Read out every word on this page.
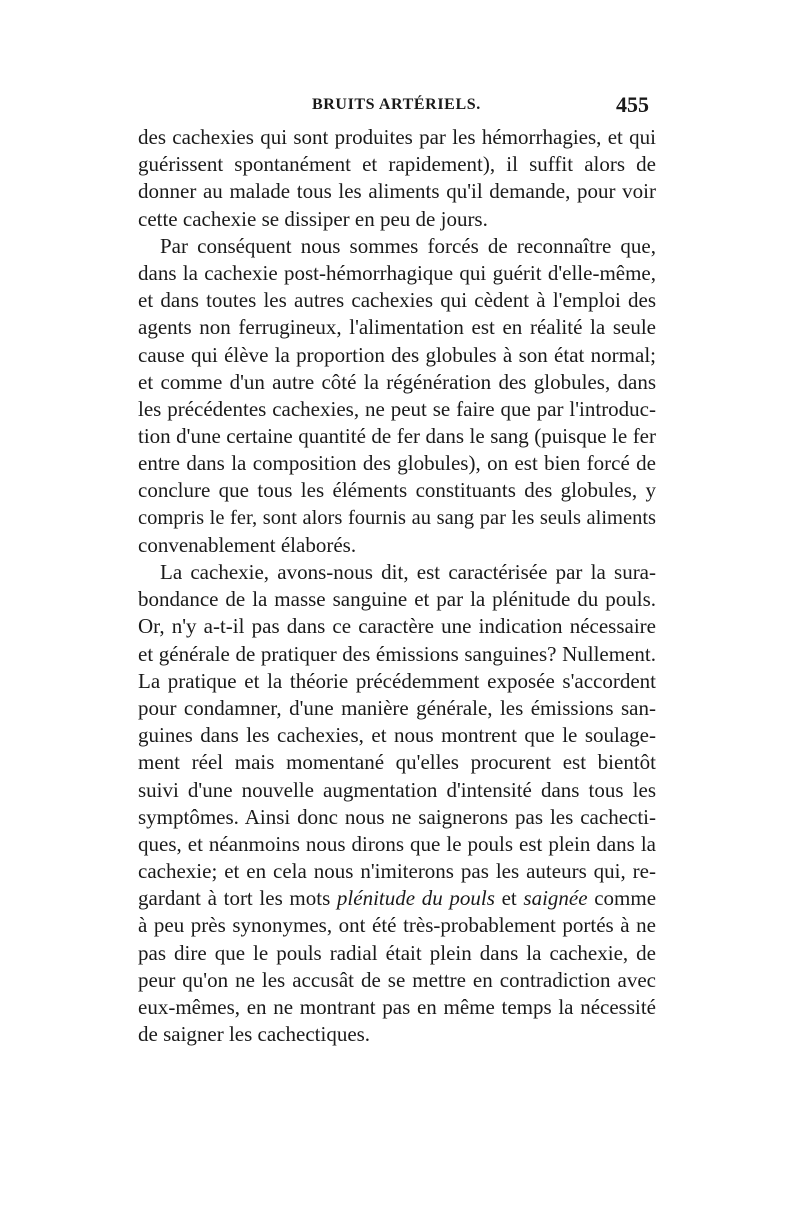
BRUITS ARTÉRIELS.	455
des cachexies qui sont produites par les hémorrhagies, et qui
guérissent spontanément et rapidement), il suffit alors de
donner au malade tous les aliments qu'il demande, pour voir
cette cachexie se dissiper en peu de jours.
Par conséquent nous sommes forcés de reconnaître que,
dans la cachexie post-hémorrhagique qui guérit d'elle-même,
et dans toutes les autres cachexies qui cèdent à l'emploi des
agents non ferrugineux, l'alimentation est en réalité la seule
cause qui élève la proportion des globules à son état normal;
et comme d'un autre côté la régénération des globules, dans
les précédentes cachexies, ne peut se faire que par l'introduc-
tion d'une certaine quantité de fer dans le sang (puisque le fer
entre dans la composition des globules), on est bien forcé de
conclure que tous les éléments constituants des globules, y
compris le fer, sont alors fournis au sang par les seuls aliments
convenablement élaborés.
La cachexie, avons-nous dit, est caractérisée par la sura-
bondance de la masse sanguine et par la plénitude du pouls.
Or, n'y a-t-il pas dans ce caractère une indication nécessaire
et générale de pratiquer des émissions sanguines? Nullement.
La pratique et la théorie précédemment exposée s'accordent
pour condamner, d'une manière générale, les émissions san-
guines dans les cachexies, et nous montrent que le soulage-
ment réel mais momentané qu'elles procurent est bientôt
suivi d'une nouvelle augmentation d'intensité dans tous les
symptômes. Ainsi donc nous ne saignerons pas les cachecti-
ques, et néanmoins nous dirons que le pouls est plein dans la
cachexie; et en cela nous n'imiterons pas les auteurs qui, re-
gardant à tort les mots plénitude du pouls et saignée comme
à peu près synonymes, ont été très-probablement portés à ne
pas dire que le pouls radial était plein dans la cachexie, de
peur qu'on ne les accusât de se mettre en contradiction avec
eux-mêmes, en ne montrant pas en même temps la nécessité
de saigner les cachectiques.
